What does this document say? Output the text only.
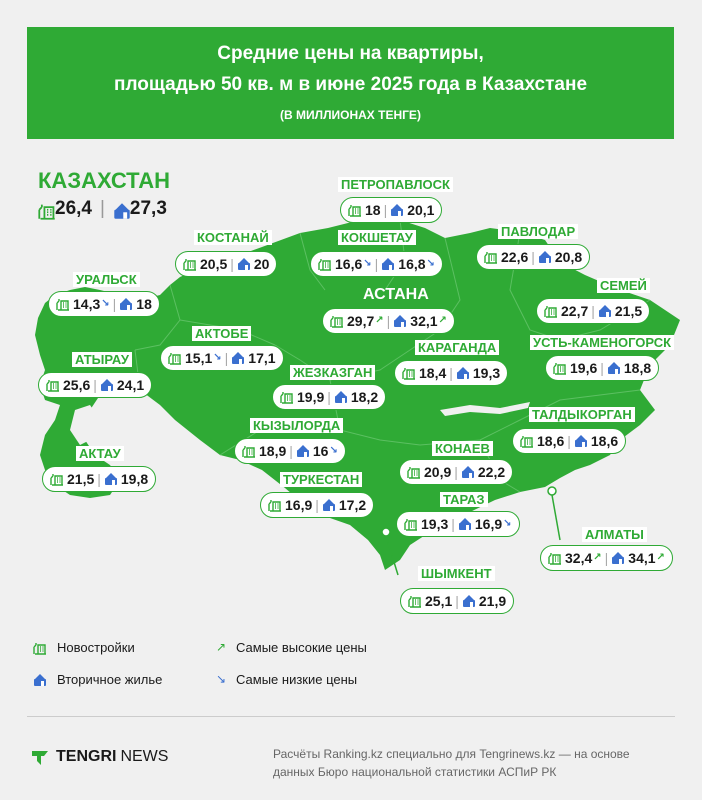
Средние цены на квартиры,
площадью 50 кв. м в июне 2025 года в Казахстане
(В МИЛЛИОНАХ ТЕНГЕ)
КАЗАХСТАН
26,4 | 27,3
ПЕТРОПАВЛОСК
18 | 20,1
КОСТАНАЙ
20,5 | 20
КОКШЕТАУ
16,6 ↘ | 16,8 ↘
ПАВЛОДАР
22,6 | 20,8
УРАЛЬСК
14,3 ↘ | 18
АСТАНА
29,7 ↗ | 32,1 ↗
СЕМЕЙ
22,7 | 21,5
АКТОБЕ
15,1 ↘ | 17,1
УСТЬ-КАМЕНОГОРСК
19,6 | 18,8
КАРАГАНДА
18,4 | 19,3
АТЫРАУ
25,6 | 24,1
ЖЕЗКАЗГАН
19,9 | 18,2
ТАЛДЫКОРГАН
18,6 | 18,6
КЫЗЫЛОРДА
18,9 | 16 ↘
АКТАУ
21,5 | 19,8
КОНАЕВ
20,9 | 22,2
ТУРКЕСТАН
16,9 | 17,2	ТАРАЗ
19,3 | 16,9 ↘
АЛМАТЫ
32,4 ↗ | 34,1 ↗
ШЫМКЕНТ
25,1 | 21,9
Новостройки
Вторичное жилье
↗ Самые высокие цены
↘ Самые низкие цены
TENGRI NEWS	Расчёты Ranking.kz специально для Tengrinews.kz — на основе
данных Бюро национальной статистики АСПиР РК
